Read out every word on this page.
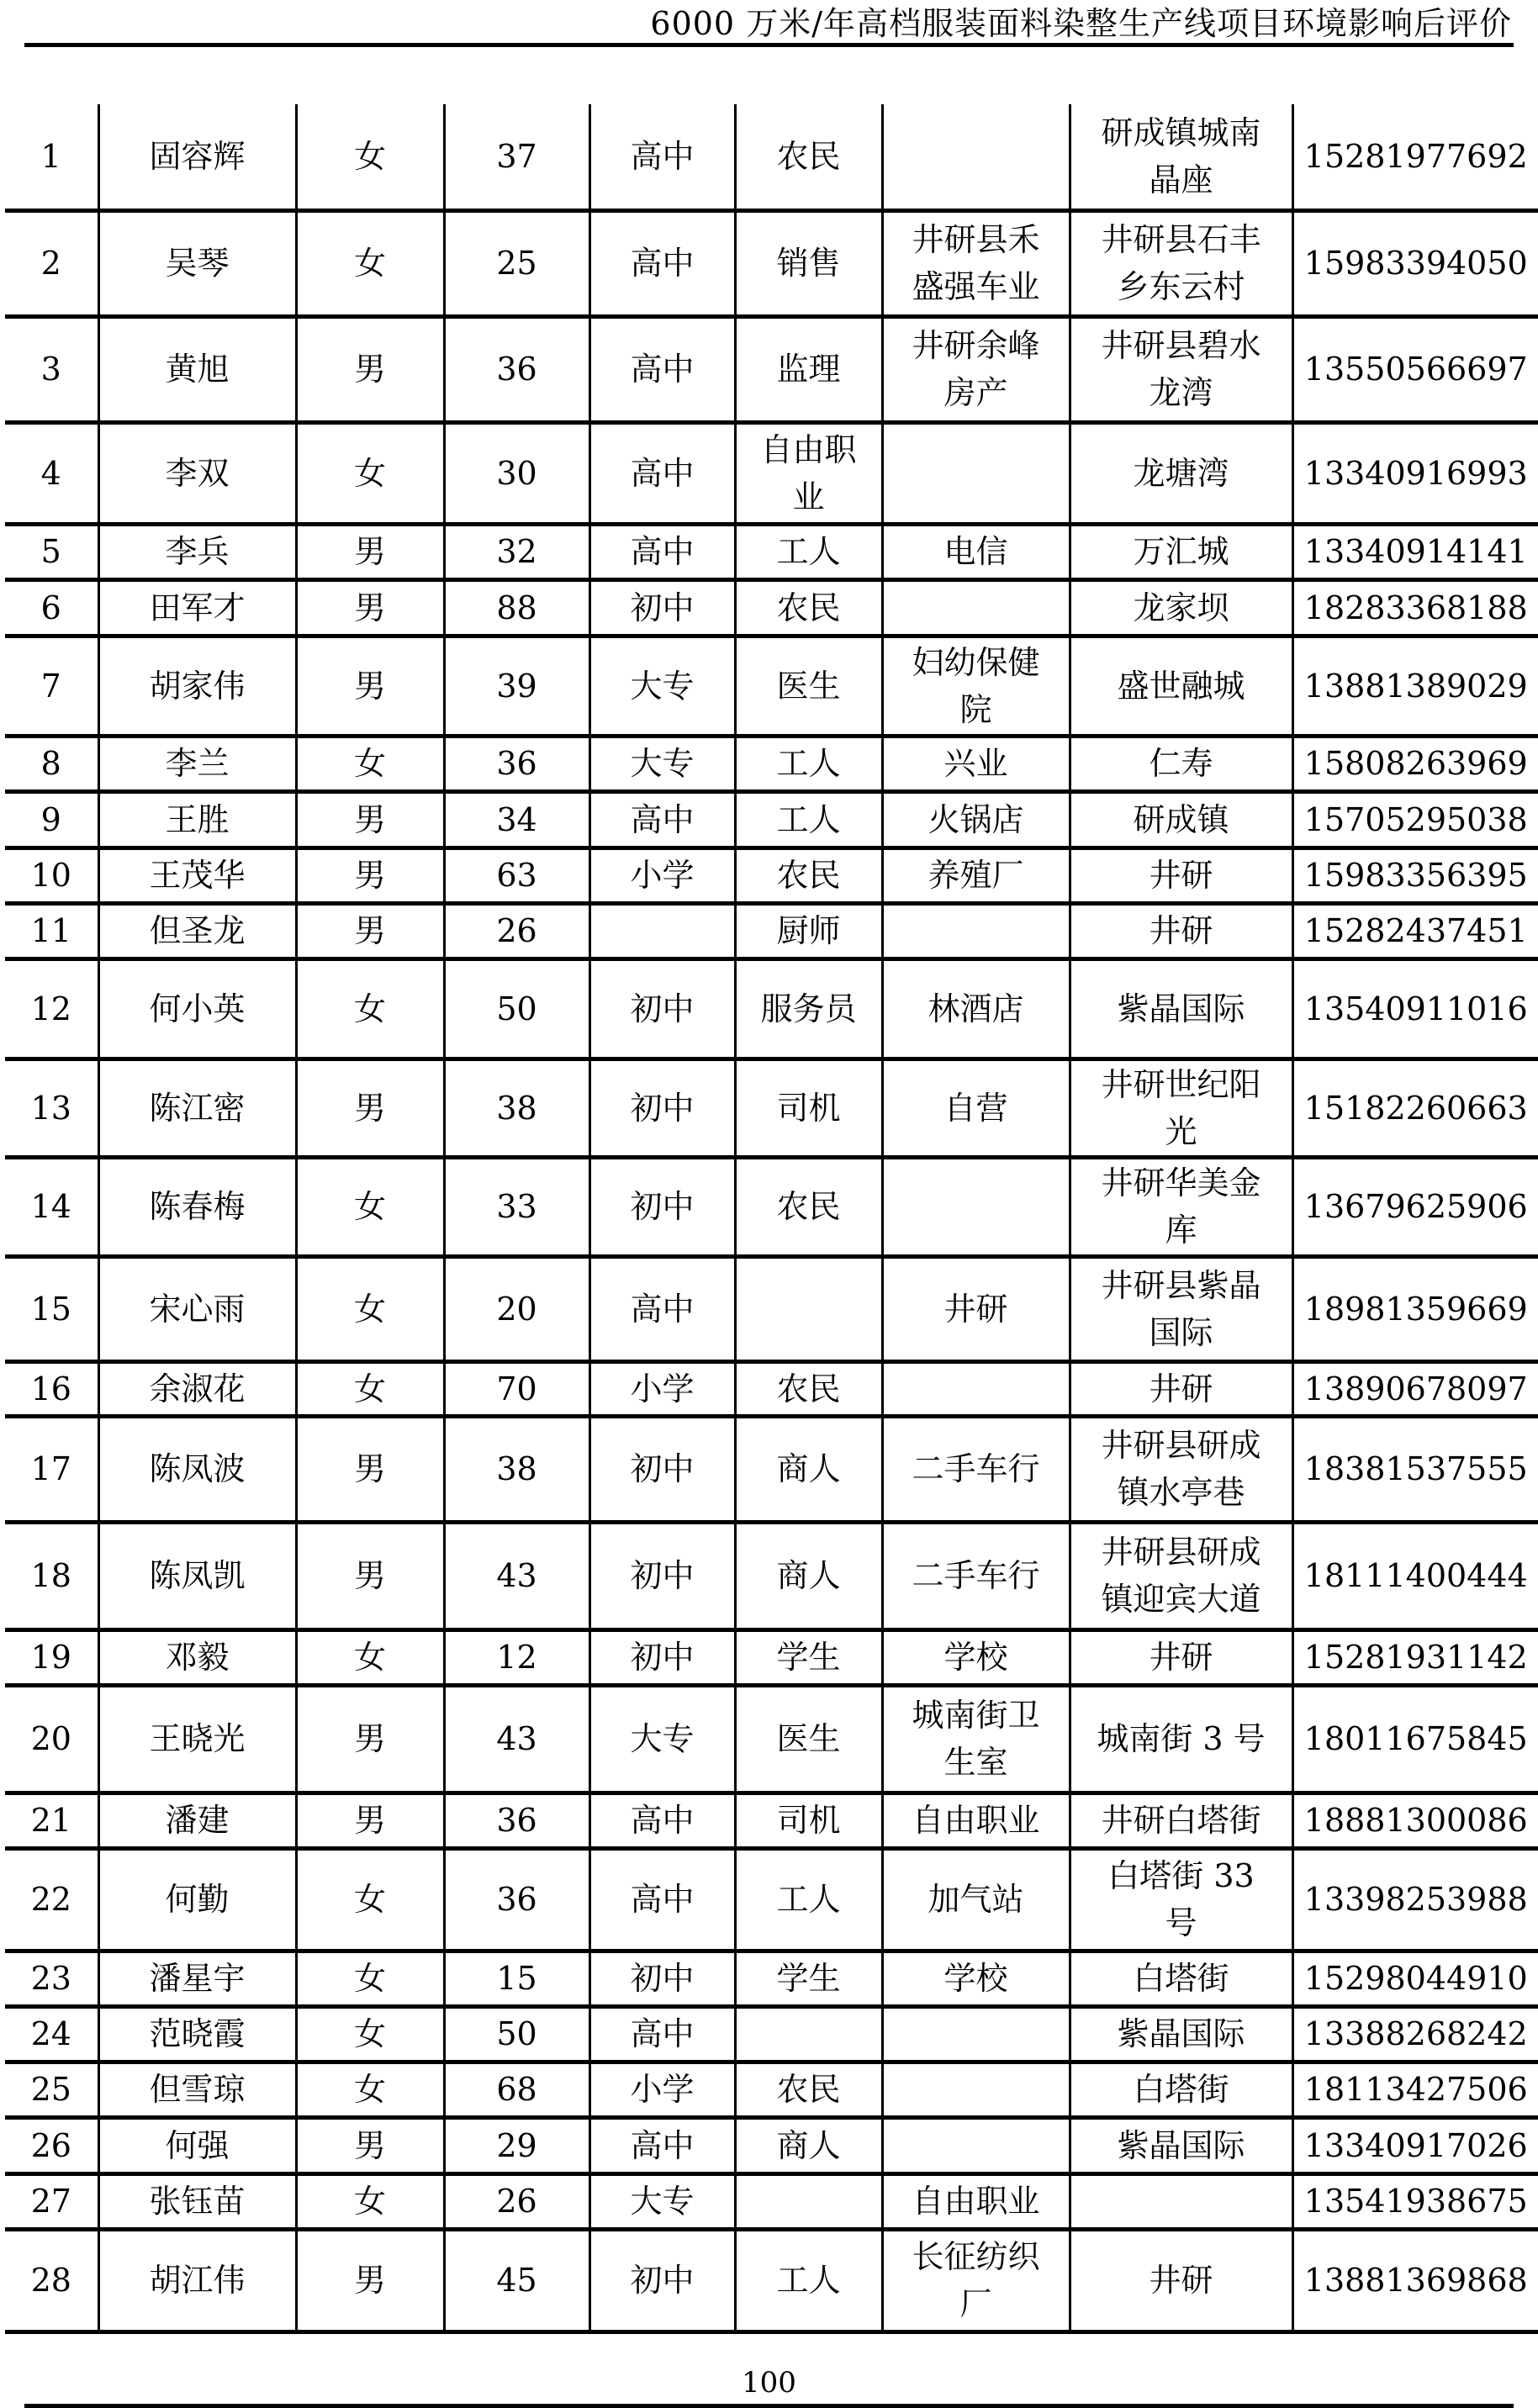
6000 万米/年高档服装面料染整生产线项目环境影响后评价
1	固容辉	女	37	高中	农民		研成镇城南晶座	15281977692
2	吴琴	女	25	高中	销售	井研县禾盛强车业	井研县石丰乡东云村	15983394050
3	黄旭	男	36	高中	监理	井研余峰房产	井研县碧水龙湾	13550566697
4	李双	女	30	高中	自由职业		龙塘湾	13340916993
5	李兵	男	32	高中	工人	电信	万汇城	13340914141
6	田军才	男	88	初中	农民		龙家坝	18283368188
7	胡家伟	男	39	大专	医生	妇幼保健院	盛世融城	13881389029
8	李兰	女	36	大专	工人	兴业	仁寿	15808263969
9	王胜	男	34	高中	工人	火锅店	研成镇	15705295038
10	王茂华	男	63	小学	农民	养殖厂	井研	15983356395
11	但圣龙	男	26		厨师		井研	15282437451
12	何小英	女	50	初中	服务员	林酒店	紫晶国际	13540911016
13	陈江密	男	38	初中	司机	自营	井研世纪阳光	15182260663
14	陈春梅	女	33	初中	农民		井研华美金库	13679625906
15	宋心雨	女	20	高中		井研	井研县紫晶国际	18981359669
16	余淑花	女	70	小学	农民		井研	13890678097
17	陈凤波	男	38	初中	商人	二手车行	井研县研成镇水亭巷	18381537555
18	陈凤凯	男	43	初中	商人	二手车行	井研县研成镇迎宾大道	18111400444
19	邓毅	女	12	初中	学生	学校	井研	15281931142
20	王晓光	男	43	大专	医生	城南街卫生室	城南街 3 号	18011675845
21	潘建	男	36	高中	司机	自由职业	井研白塔街	18881300086
22	何勤	女	36	高中	工人	加气站	白塔街 33 号	13398253988
23	潘星宇	女	15	初中	学生	学校	白塔街	15298044910
24	范晓霞	女	50	高中			紫晶国际	13388268242
25	但雪琼	女	68	小学	农民		白塔街	18113427506
26	何强	男	29	高中	商人		紫晶国际	13340917026
27	张钰苗	女	26	大专		自由职业		13541938675
28	胡江伟	男	45	初中	工人	长征纺织厂	井研	13881369868
100
